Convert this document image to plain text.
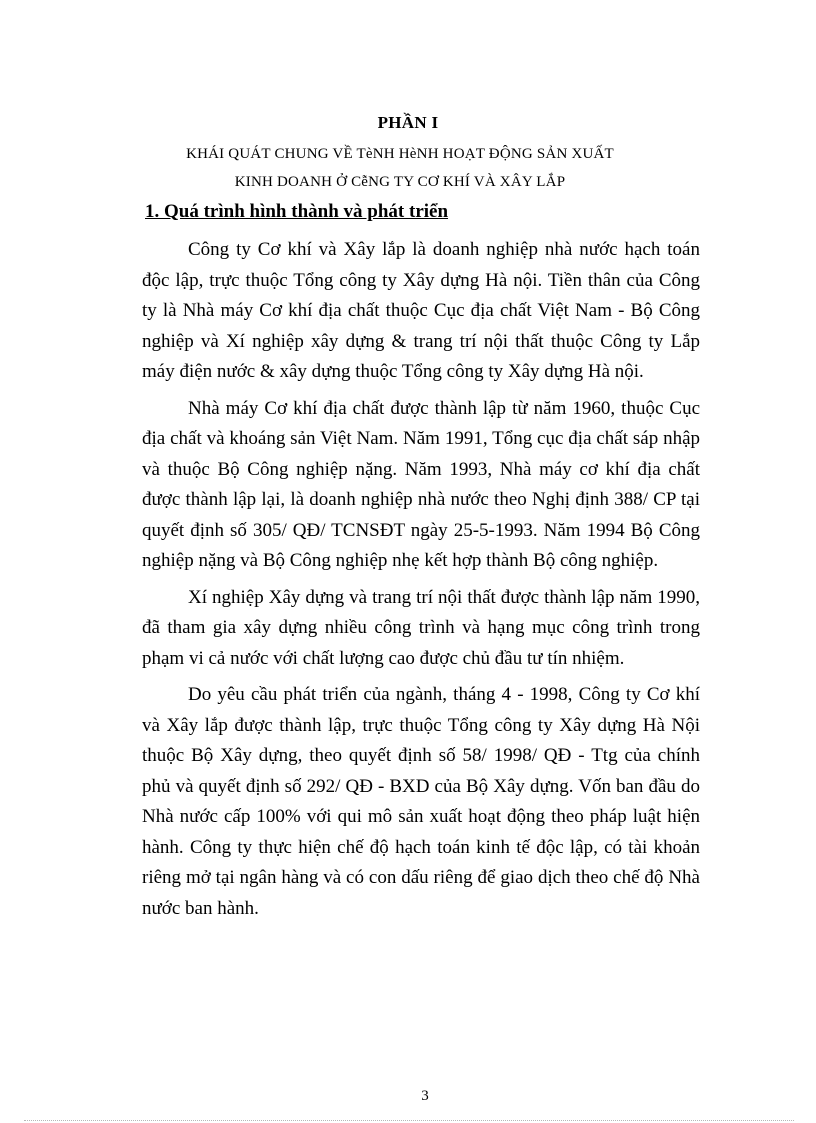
PHẦN I
KHÁI QUÁT CHUNG VỀ TèNH HèNH HOẠT ĐỘNG SẢN XUẤT
KINH DOANH Ở CễNG TY CƠ KHÍ VÀ XÂY LẮP
1. Quá trình hình thành và phát triển

Công ty Cơ khí và Xây lắp là doanh nghiệp nhà nước hạch toán độc lập, trực thuộc Tổng công ty Xây dựng Hà nội. Tiền thân của Công ty là Nhà máy Cơ khí địa chất thuộc Cục địa chất Việt Nam - Bộ Công nghiệp và Xí nghiệp xây dựng & trang trí nội thất thuộc Công ty Lắp máy điện nước & xây dựng thuộc Tổng công ty Xây dựng Hà nội.

Nhà máy Cơ khí địa chất được thành lập từ năm 1960, thuộc Cục địa chất và khoáng sản Việt Nam. Năm 1991, Tổng cục địa chất sáp nhập và thuộc Bộ Công nghiệp nặng. Năm 1993, Nhà máy cơ khí địa chất được thành lập lại, là doanh nghiệp nhà nước theo Nghị định 388/ CP tại quyết định số 305/ QĐ/ TCNSĐT ngày 25-5-1993. Năm 1994 Bộ Công nghiệp nặng và Bộ Công nghiệp nhẹ kết hợp thành Bộ công nghiệp.

Xí nghiệp Xây dựng và trang trí nội thất được thành lập năm 1990, đã tham gia xây dựng nhiều công trình và hạng mục công trình trong phạm vi cả nước với chất lượng cao được chủ đầu tư tín nhiệm.

Do yêu cầu phát triển của ngành, tháng 4 - 1998, Công ty Cơ khí và Xây lắp được thành lập, trực thuộc Tổng công ty Xây dựng Hà Nội thuộc Bộ Xây dựng, theo quyết định số 58/ 1998/ QĐ - Ttg của chính phủ và quyết định số 292/ QĐ - BXD của Bộ Xây dựng. Vốn ban đầu do Nhà nước cấp 100% với qui mô sản xuất hoạt động theo pháp luật hiện hành. Công ty thực hiện chế độ hạch toán kinh tế độc lập, có tài khoản riêng mở tại ngân hàng và có con dấu riêng để giao dịch theo chế độ Nhà nước ban hành.

3
